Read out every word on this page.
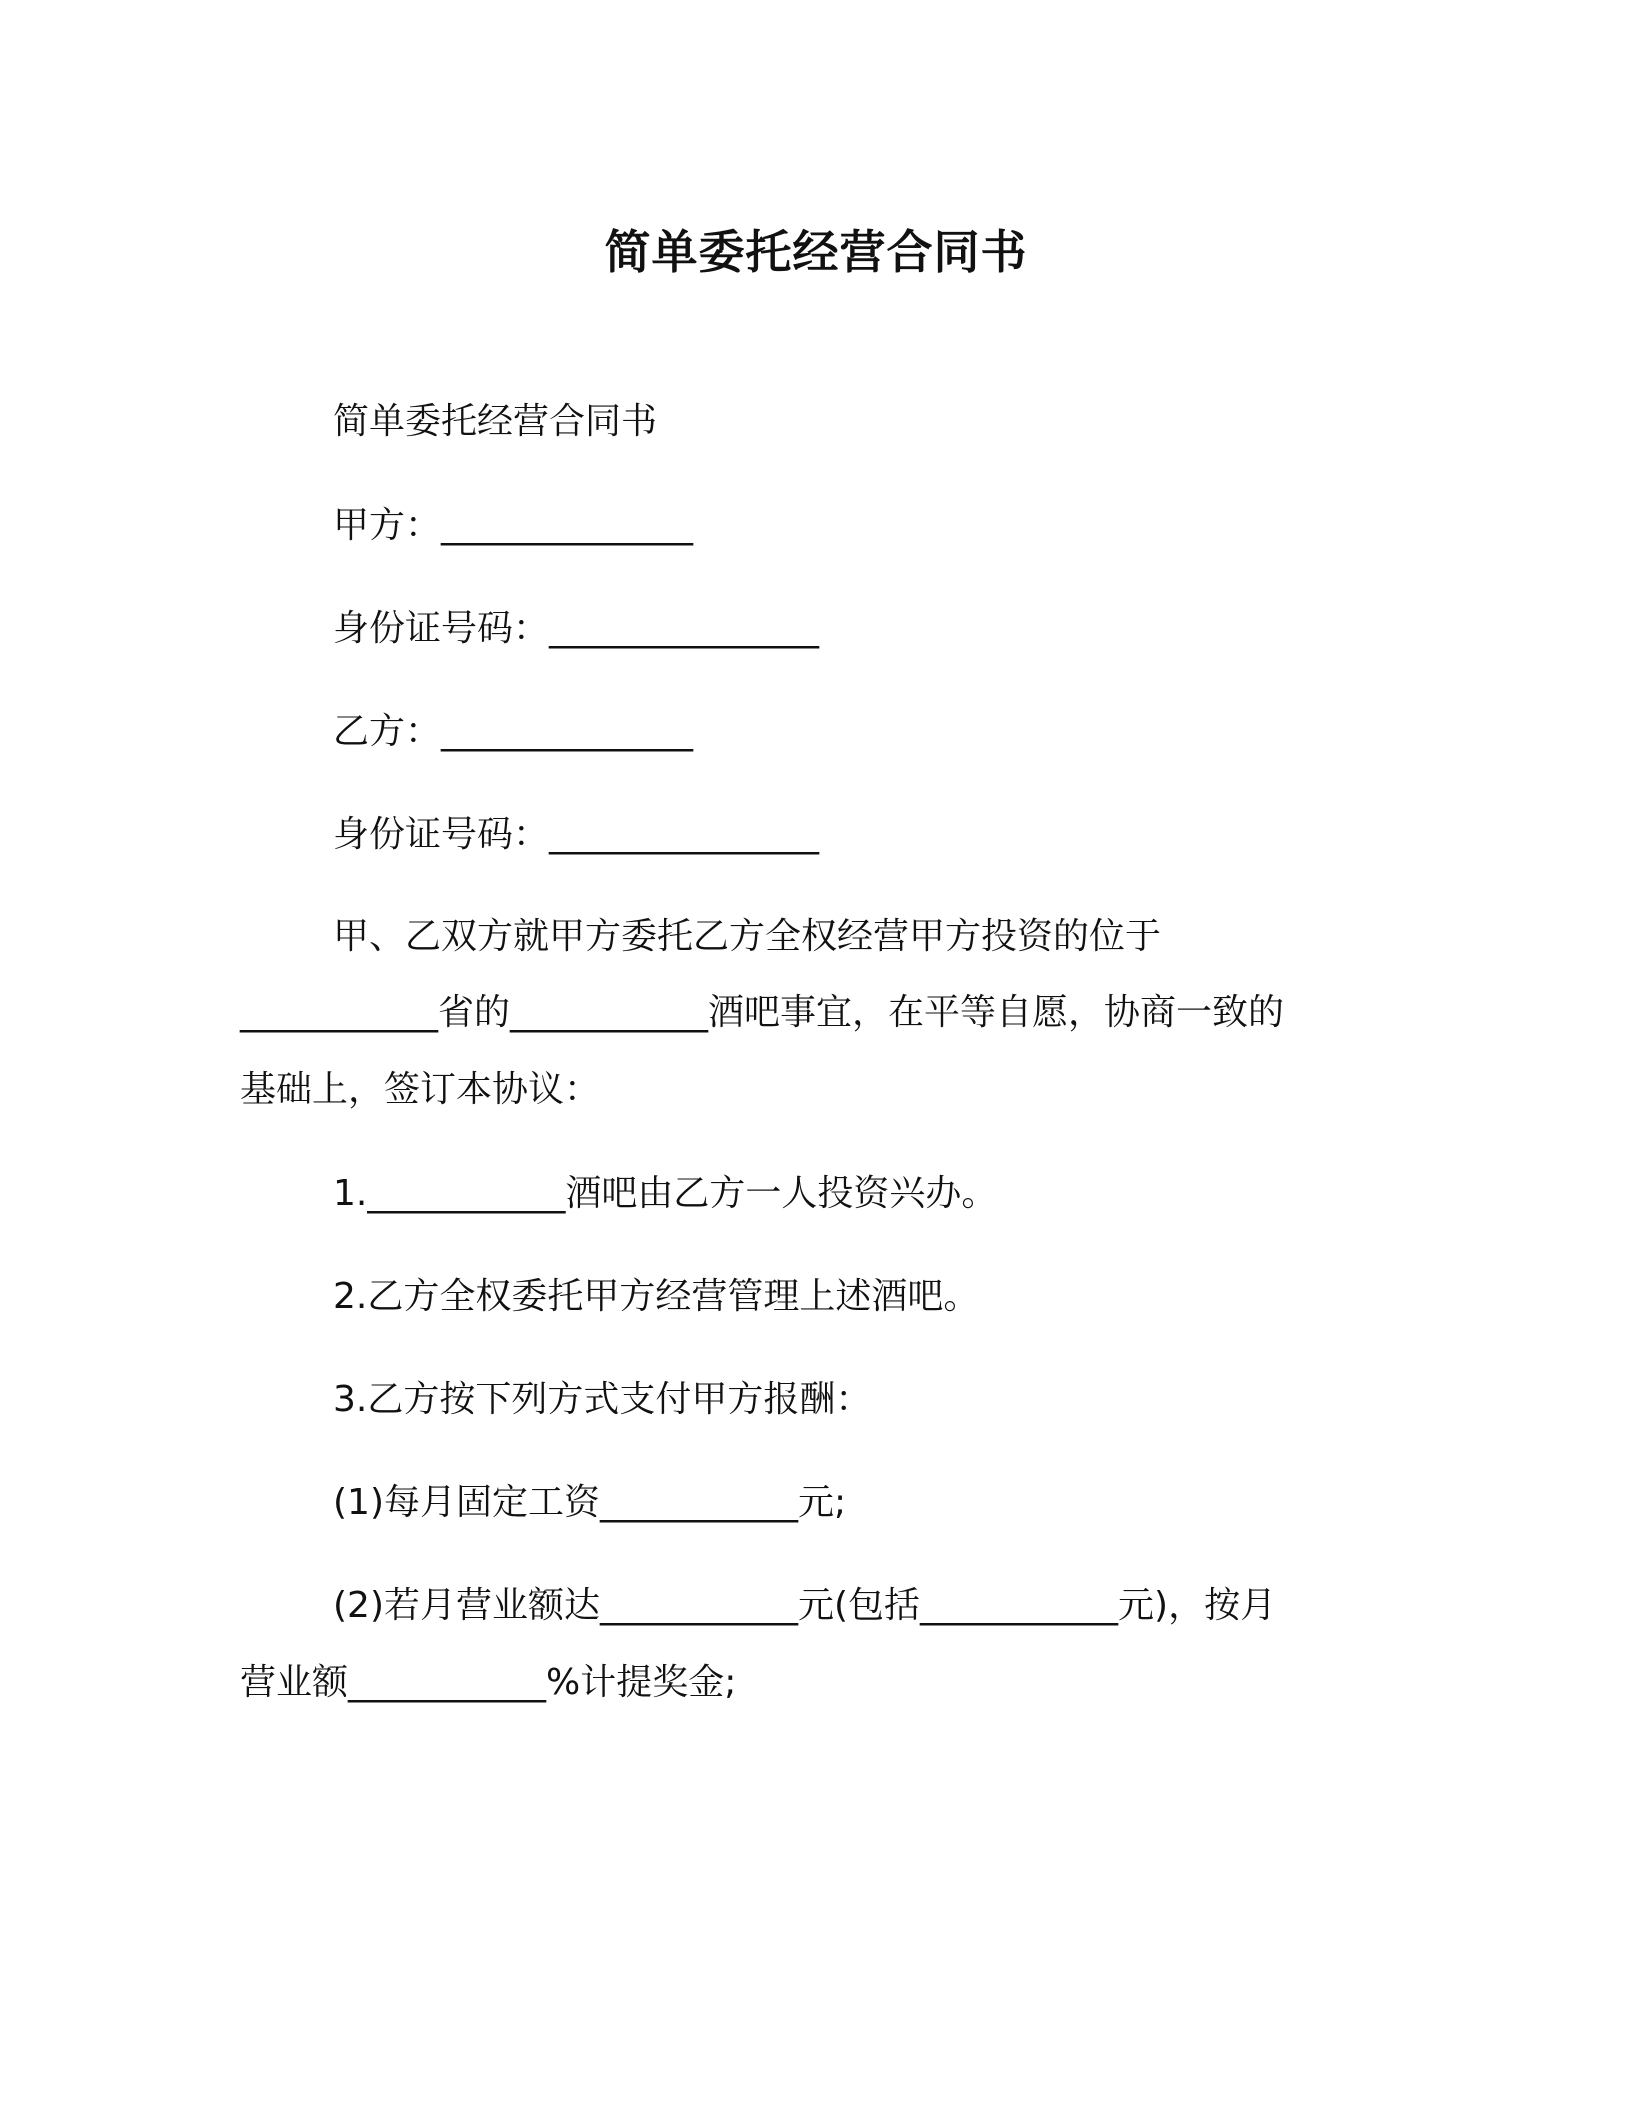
简单委托经营合同书

简单委托经营合同书

甲方：______________

身份证号码：_______________

乙方：______________

身份证号码：_______________

甲、乙双方就甲方委托乙方全权经营甲方投资的位于

___________省的___________酒吧事宜，在平等自愿，协商一致的

基础上，签订本协议：

1.___________酒吧由乙方一人投资兴办。

2.乙方全权委托甲方经营管理上述酒吧。

3.乙方按下列方式支付甲方报酬：

(1)每月固定工资___________元;

(2)若月营业额达___________元(包括___________元)，按月

营业额___________%计提奖金;
